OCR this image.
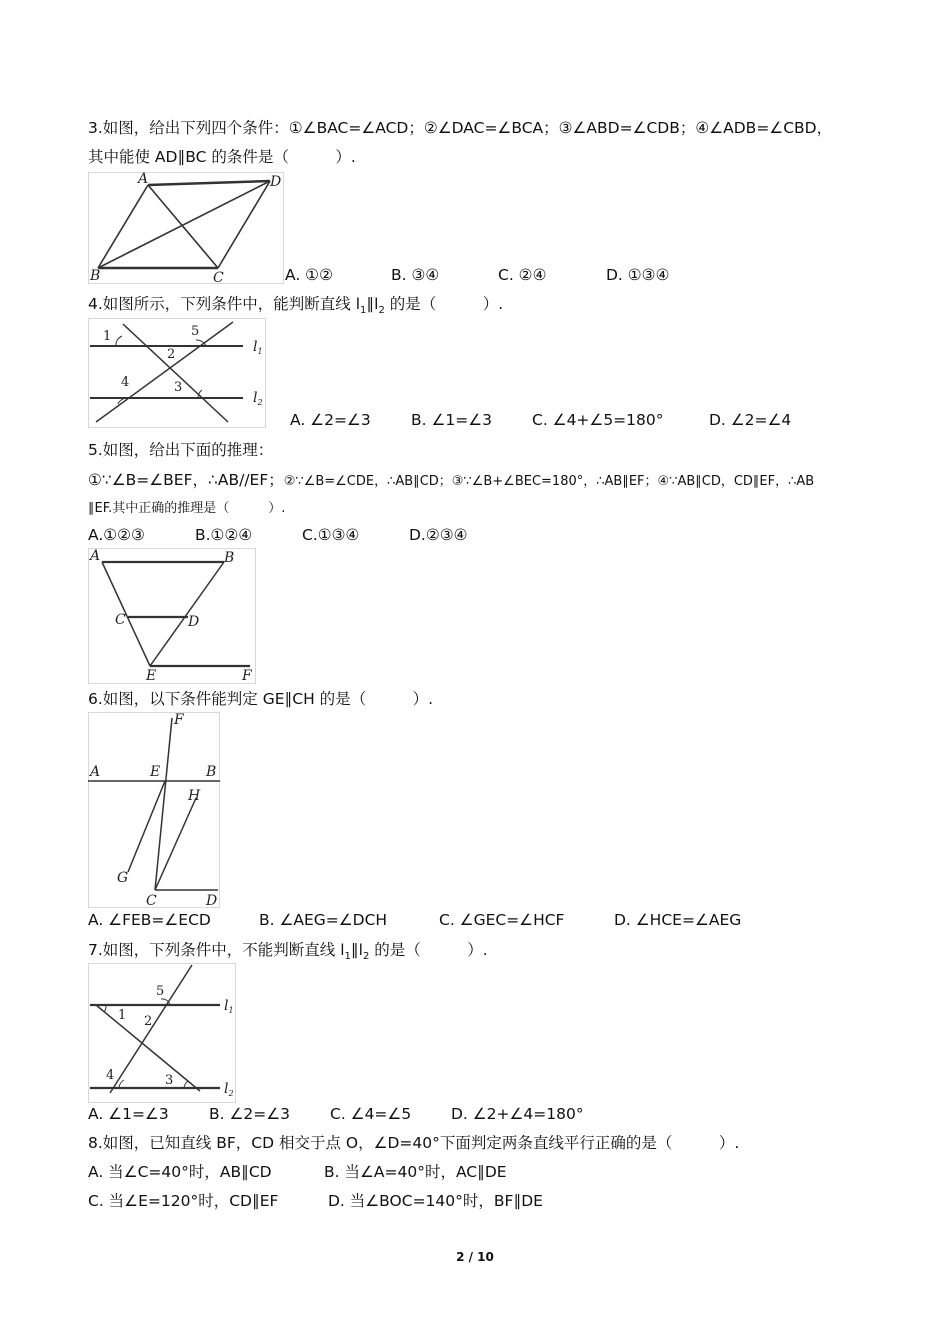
3.如图，给出下列四个条件：①∠BAC=∠ACD；②∠DAC=∠BCA；③∠ABD=∠CDB；④∠ADB=∠CBD，
其中能使 AD∥BC 的条件是（　　　）.
A	D
B	C	A. ①②	B. ③④	C. ②④	D. ①③④
4.如图所示，下列条件中，能判断直线 $l_1\parallel l_2$ 的是（　　　）.
1
2
3
4
5
$l_1$
$l_2$
A. ∠2=∠3	B. ∠1=∠3	C. ∠4+∠5=180°	D. ∠2=∠4
5.如图，给出下面的推理：
①∵∠B=∠BEF，∴AB//EF；②∵∠B=∠CDE，∴AB∥CD；③∵∠B+∠BEC=180°，∴AB∥EF；④∵AB∥CD，CD∥EF，∴AB
∥EF.其中正确的推理是（　　　）.
A.①②③	B.①②④	C.①③④	D.②③④
A	B
C	D
E	F
6.如图，以下条件能判定 GE∥CH 的是（　　　）.
F
A	E	B
H
G
C	D
A. ∠FEB=∠ECD	B. ∠AEG=∠DCH	C. ∠GEC=∠HCF	D. ∠HCE=∠AEG
7.如图，下列条件中，不能判断直线 $l_1\parallel l_2$ 的是（　　　）.
1 2
3
4
5
$l_1$
$l_2$
A. ∠1=∠3	B. ∠2=∠3	C. ∠4=∠5	D. ∠2+∠4=180°
8.如图，已知直线 BF，CD 相交于点 O，∠D=40°下面判定两条直线平行正确的是（　　　）.
A. 当∠C=40°时，AB∥CD	B. 当∠A=40°时，AC∥DE
C. 当∠E=120°时，CD∥EF	D. 当∠BOC=140°时，BF∥DE
2 / 10
